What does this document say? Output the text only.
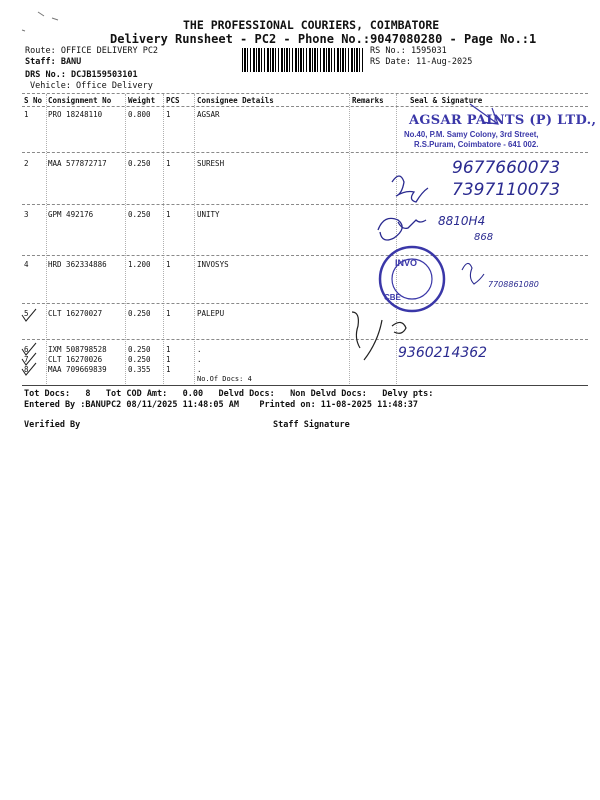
THE PROFESSIONAL COURIERS, COIMBATORE
Delivery Runsheet - PC2 - Phone No.:9047080280 - Page No.:1
Route: OFFICE DELIVERY PC2
Staff: BANU
DRS No.: DCJB159503101
Vehicle: Office Delivery
RS No.: 1595031
RS Date: 11-Aug-2025
S No Consignment No Weight PCS Consignee Details	Remarks	Seal & Signature
1	PRO 18248110	0.800 1	AGSAR
2	MAA 577872717	0.250 1	SURESH
3	GPM 492176	0.250 1	UNITY
4	HRD 362334886	1.200 1	INVOSYS
5	CLT 16270027	0.250 1	PALEPU
6	IXM 508798528	0.250 1	.
7	CLT 16270026	0.250 1	.
8	MAA 709669839	0.355 1	.
No.Of Docs: 4
Tot Docs:   8   Tot COD Amt:   0.00   Delvd Docs:   Non Delvd Docs:   Delvy pts:
Entered By :BANUPC2 08/11/2025 11:48:05 AM    Printed on: 11-08-2025 11:48:37
Verified By	Staff Signature
AGSAR PAINTS (P) LTD.,
No.40, P.M. Samy Colony, 3rd Street,
R.S.Puram, Coimbatore - 641 002.
9677660073
7397110073
8810H4
868
7708861080
9360214362
INVO
CBE
